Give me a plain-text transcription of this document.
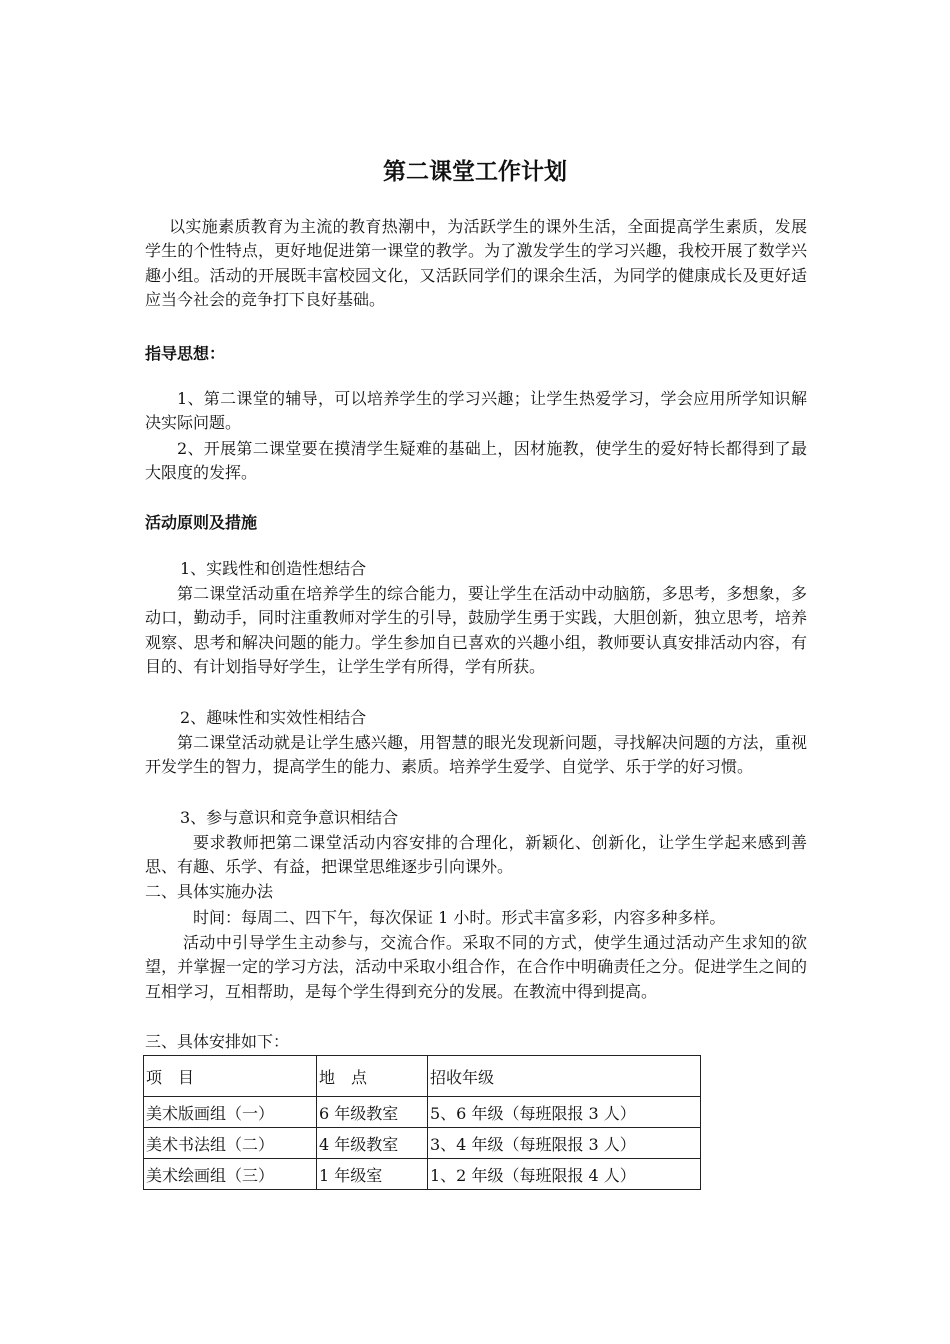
第二课堂工作计划

以实施素质教育为主流的教育热潮中，为活跃学生的课外生活，全面提高学生素质，发展学生的个性特点，更好地促进第一课堂的教学。为了激发学生的学习兴趣，我校开展了数学兴趣小组。活动的开展既丰富校园文化，又活跃同学们的课余生活，为同学的健康成长及更好适应当今社会的竞争打下良好基础。

指导思想：

1、第二课堂的辅导，可以培养学生的学习兴趣；让学生热爱学习，学会应用所学知识解决实际问题。

2、开展第二课堂要在摸清学生疑难的基础上，因材施教，使学生的爱好特长都得到了最大限度的发挥。

活动原则及措施

1、实践性和创造性想结合

第二课堂活动重在培养学生的综合能力，要让学生在活动中动脑筋，多思考，多想象，多动口，勤动手，同时注重教师对学生的引导，鼓励学生勇于实践，大胆创新，独立思考，培养观察、思考和解决问题的能力。学生参加自已喜欢的兴趣小组，教师要认真安排活动内容，有目的、有计划指导好学生，让学生学有所得，学有所获。

2、趣味性和实效性相结合

第二课堂活动就是让学生感兴趣，用智慧的眼光发现新问题，寻找解决问题的方法，重视开发学生的智力，提高学生的能力、素质。培养学生爱学、自觉学、乐于学的好习惯。

3、参与意识和竞争意识相结合

要求教师把第二课堂活动内容安排的合理化，新颖化、创新化，让学生学起来感到善思、有趣、乐学、有益，把课堂思维逐步引向课外。

二、具体实施办法

时间：每周二、四下午，每次保证 1 小时。形式丰富多彩，内容多种多样。

活动中引导学生主动参与，交流合作。采取不同的方式，使学生通过活动产生求知的欲望，并掌握一定的学习方法，活动中采取小组合作，在合作中明确责任之分。促进学生之间的互相学习，互相帮助，是每个学生得到充分的发展。在教流中得到提高。

三、具体安排如下：

项　目	地　点	招收年级
美术版画组（一）	6 年级教室	5、6 年级（每班限报 3 人）
美术书法组（二）	4 年级教室	3、4 年级（每班限报 3 人）
美术绘画组（三）	1 年级室	1、2 年级（每班限报 4 人）
